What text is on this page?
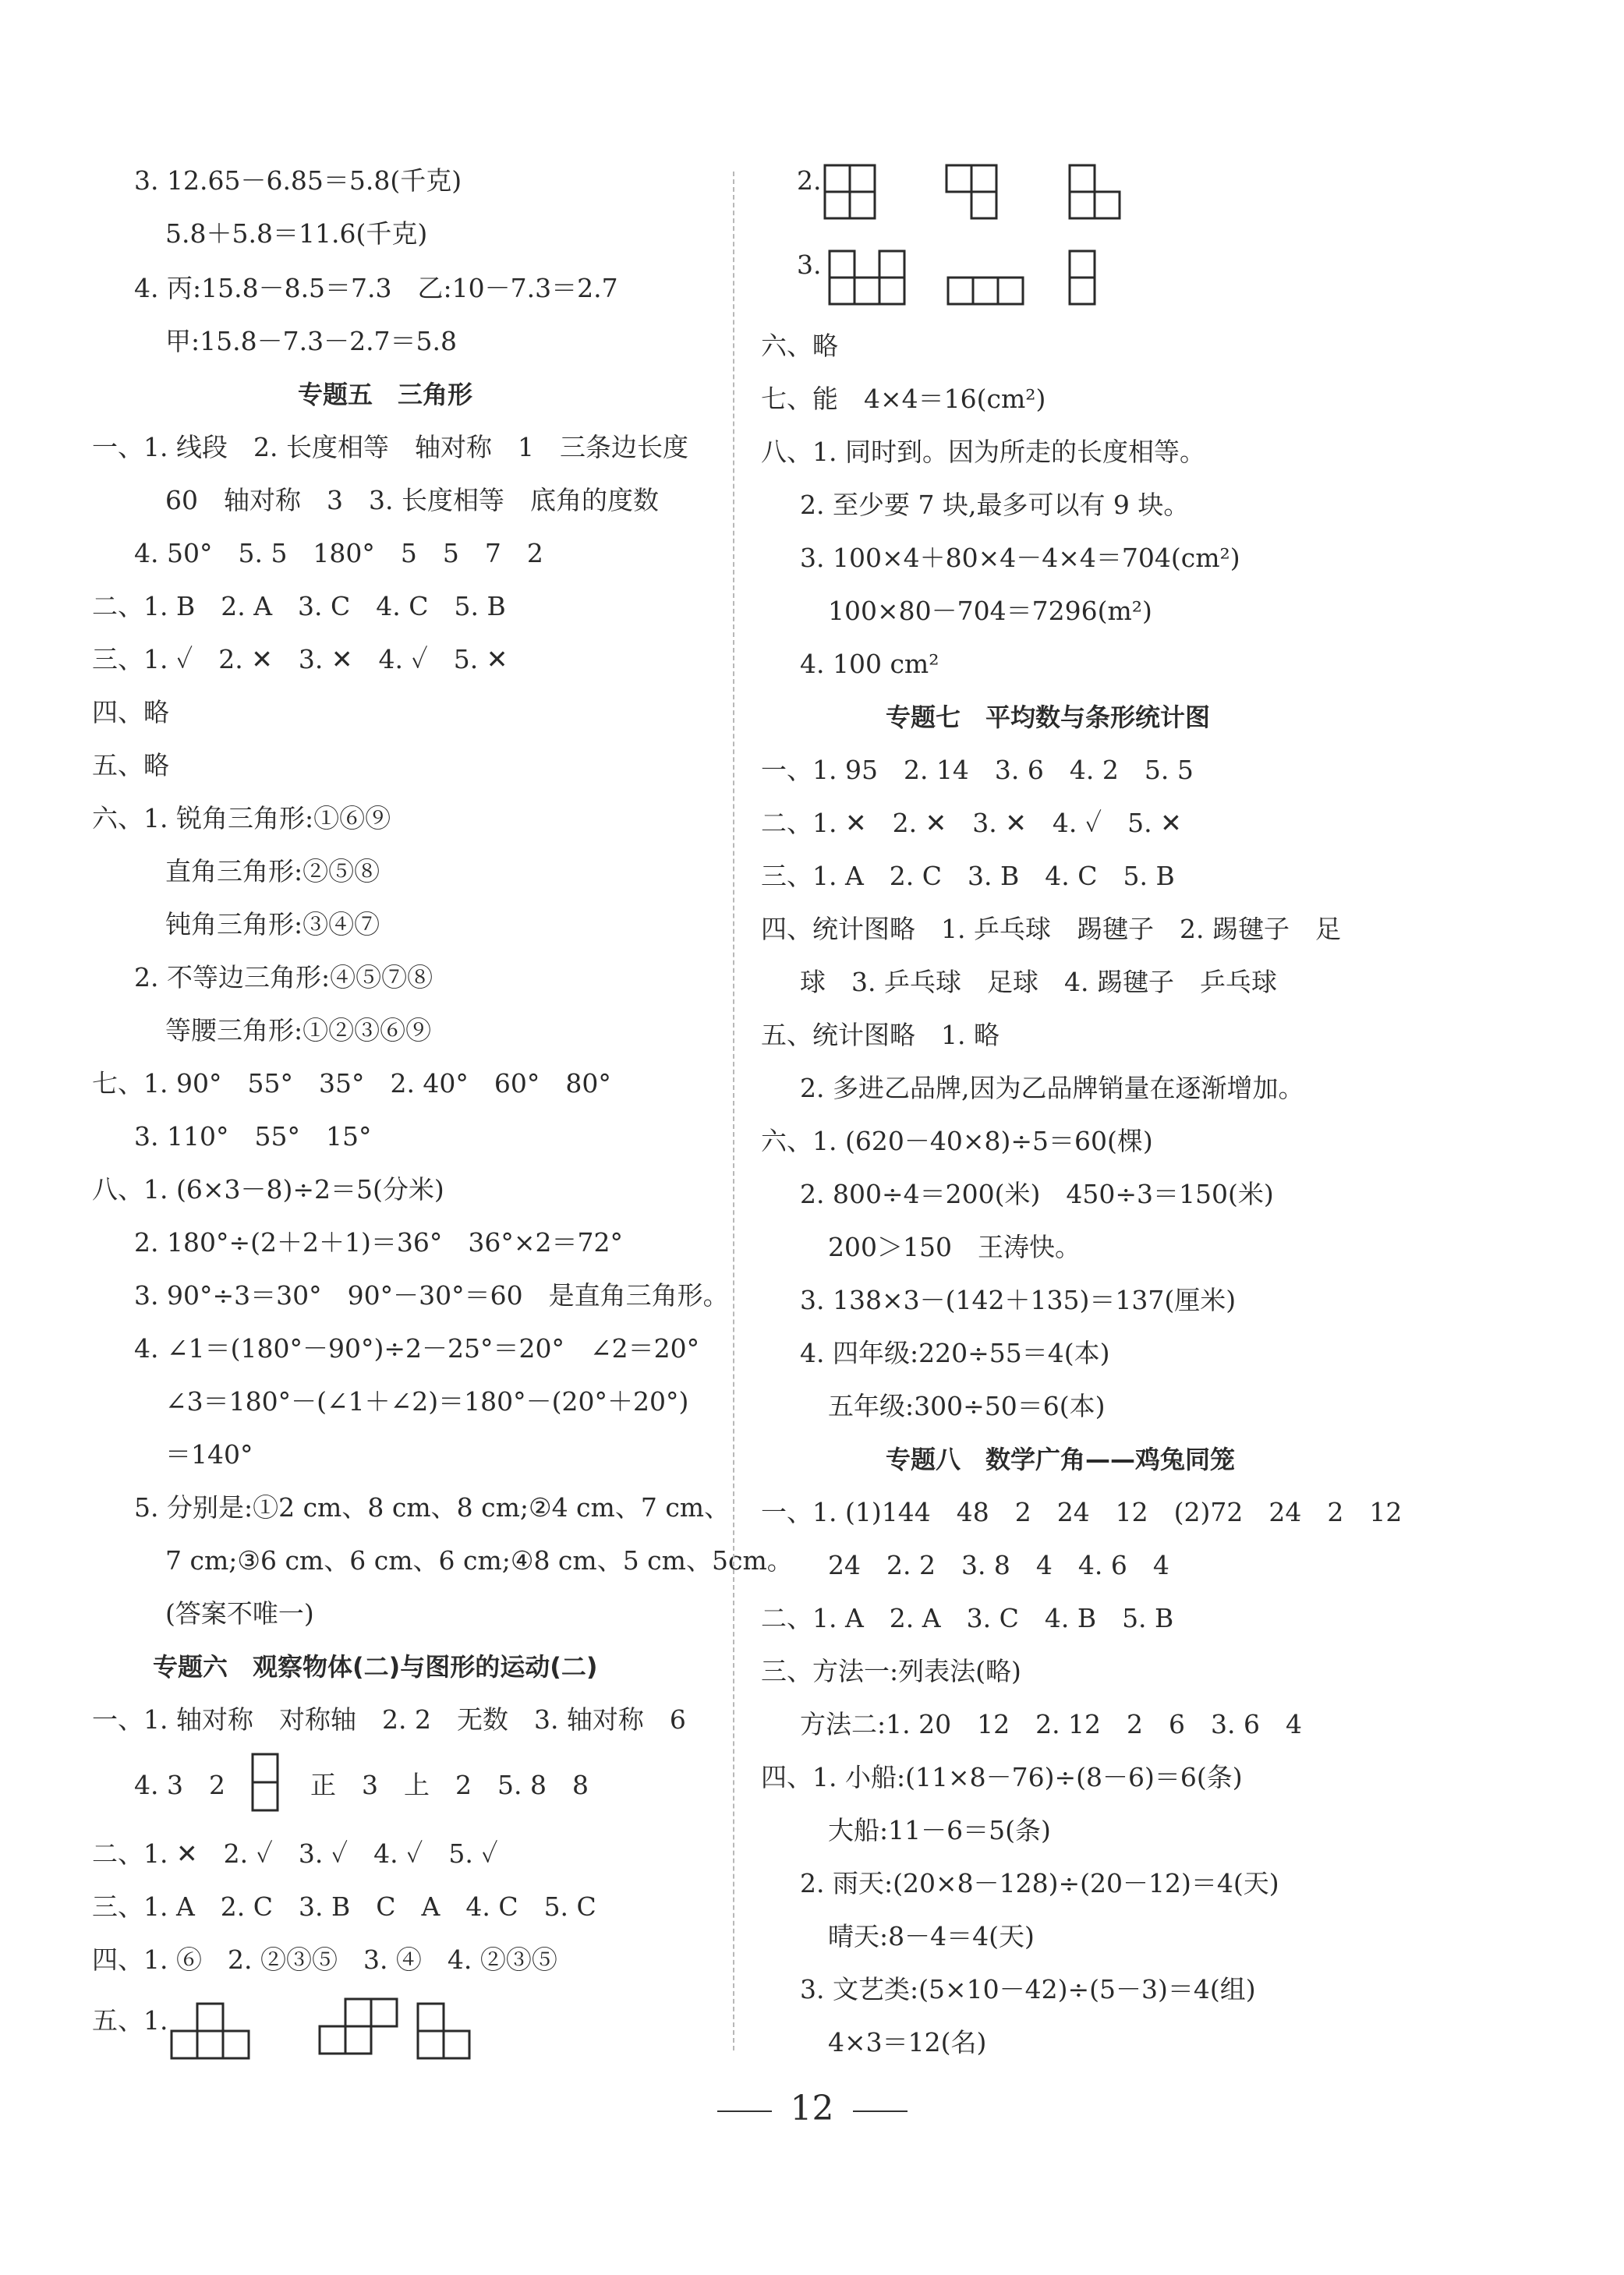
3. 12.65－6.85＝5.8(千克)
5.8＋5.8＝11.6(千克)
4. 丙:15.8－8.5＝7.3　乙:10－7.3＝2.7
甲:15.8－7.3－2.7＝5.8
专题五　三角形
一、1. 线段　2. 长度相等　轴对称　1　三条边长度
60　轴对称　3　3. 长度相等　底角的度数
4. 50°　5. 5　180°　5　5　7　2
二、1. B　2. A　3. C　4. C　5. B
三、1. ✓　2. ✕　3. ✕　4. ✓　5. ✕
四、略
五、略
六、1. 锐角三角形:①⑥⑨
直角三角形:②⑤⑧
钝角三角形:③④⑦
2. 不等边三角形:④⑤⑦⑧
等腰三角形:①②③⑥⑨
七、1. 90°　55°　35°　2. 40°　60°　80°
3. 110°　55°　15°
八、1. (6×3－8)÷2＝5(分米)
2. 180°÷(2＋2＋1)＝36°　36°×2＝72°
3. 90°÷3＝30°　90°－30°＝60　是直角三角形。
4. ∠1＝(180°－90°)÷2－25°＝20°　∠2＝20°
∠3＝180°－(∠1＋∠2)＝180°－(20°＋20°)
＝140°
5. 分别是:①2 cm、8 cm、8 cm;②4 cm、7 cm、
7 cm;③6 cm、6 cm、6 cm;④8 cm、5 cm、5cm。
(答案不唯一)
专题六　观察物体(二)与图形的运动(二)
一、1. 轴对称　对称轴　2. 2　无数　3. 轴对称　6
4. 3　2	正　3　上　2　5. 8　8
二、1. ✕　2. ✓　3. ✓　4. ✓　5. ✓
三、1. A　2. C　3. B　C　A　4. C　5. C
四、1. ⑥　2. ②③⑤　3. ④　4. ②③⑤
五、1.
2.
3.
六、略
七、能　4×4＝16(cm²)
八、1. 同时到。因为所走的长度相等。
2. 至少要 7 块,最多可以有 9 块。
3. 100×4＋80×4－4×4＝704(cm²)
100×80－704＝7296(m²)
4. 100 cm²
专题七　平均数与条形统计图
一、1. 95　2. 14　3. 6　4. 2　5. 5
二、1. ✕　2. ✕　3. ✕　4. ✓　5. ✕
三、1. A　2. C　3. B　4. C　5. B
四、统计图略　1. 乒乓球　踢毽子　2. 踢毽子　足
球　3. 乒乓球　足球　4. 踢毽子　乒乓球
五、统计图略　1. 略
2. 多进乙品牌,因为乙品牌销量在逐渐增加。
六、1. (620－40×8)÷5＝60(棵)
2. 800÷4＝200(米)　450÷3＝150(米)
200＞150　王涛快。
3. 138×3－(142＋135)＝137(厘米)
4. 四年级:220÷55＝4(本)
五年级:300÷50＝6(本)
专题八　数学广角——鸡兔同笼
一、1. (1)144　48　2　24　12　(2)72　24　2　12
24　2. 2　3. 8　4　4. 6　4
二、1. A　2. A　3. C　4. B　5. B
三、方法一:列表法(略)
方法二:1. 20　12　2. 12　2　6　3. 6　4
四、1. 小船:(11×8－76)÷(8－6)＝6(条)
大船:11－6＝5(条)
2. 雨天:(20×8－128)÷(20－12)＝4(天)
晴天:8－4＝4(天)
3. 文艺类:(5×10－42)÷(5－3)＝4(组)
4×3＝12(名)
12
